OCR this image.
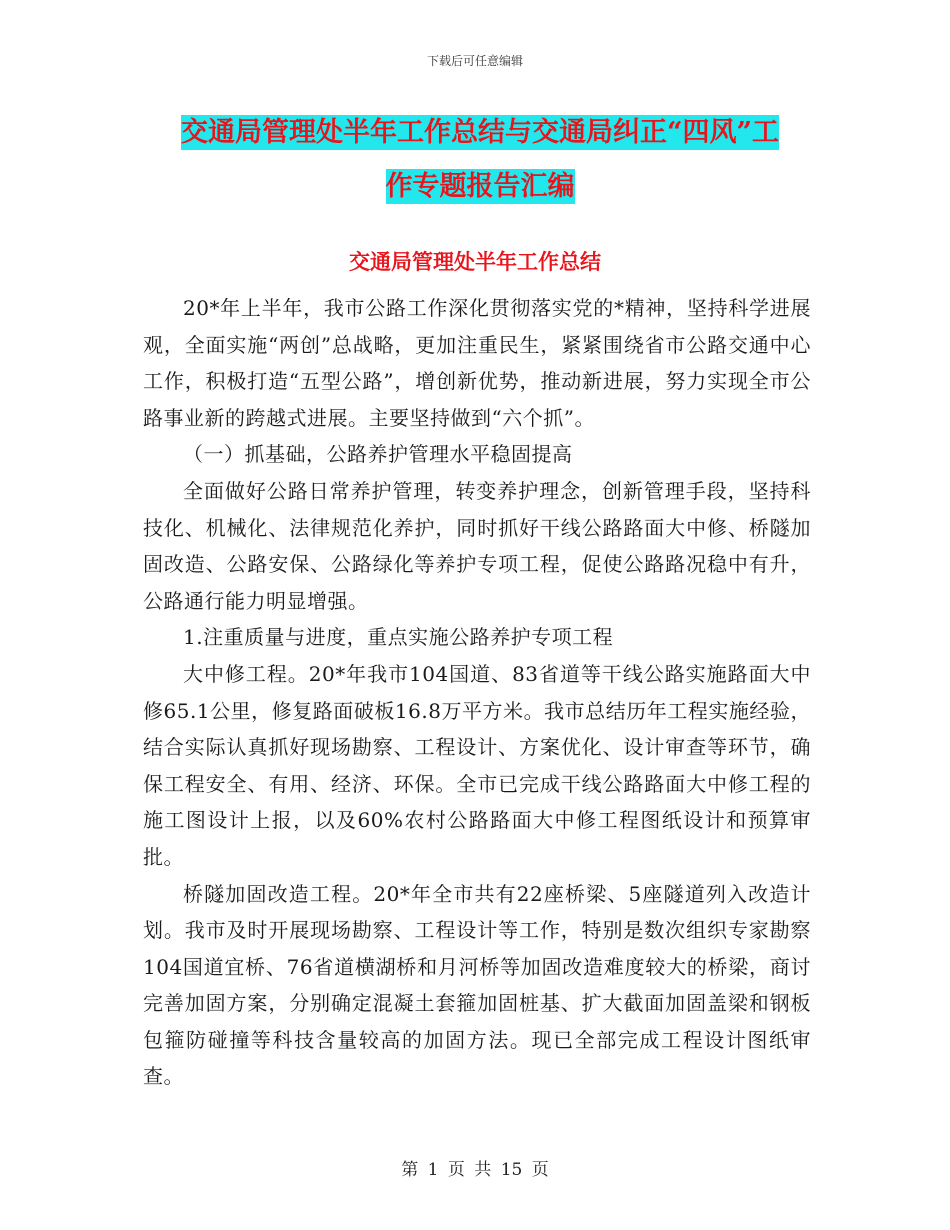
下载后可任意编辑
交通局管理处半年工作总结与交通局纠正“四风”工
作专题报告汇编
交通局管理处半年工作总结

20*年上半年，我市公路工作深化贯彻落实党的*精神，坚持科学进展观，全面实施“两创”总战略，更加注重民生，紧紧围绕省市公路交通中心工作，积极打造“五型公路”，增创新优势，推动新进展，努力实现全市公路事业新的跨越式进展。主要坚持做到“六个抓”。

（一）抓基础，公路养护管理水平稳固提高

全面做好公路日常养护管理，转变养护理念，创新管理手段，坚持科技化、机械化、法律规范化养护，同时抓好干线公路路面大中修、桥隧加固改造、公路安保、公路绿化等养护专项工程，促使公路路况稳中有升，公路通行能力明显增强。

1.注重质量与进度，重点实施公路养护专项工程

大中修工程。20*年我市104国道、83省道等干线公路实施路面大中修65.1公里，修复路面破板16.8万平方米。我市总结历年工程实施经验，结合实际认真抓好现场勘察、工程设计、方案优化、设计审查等环节，确保工程安全、有用、经济、环保。全市已完成干线公路路面大中修工程的施工图设计上报，以及60%农村公路路面大中修工程图纸设计和预算审批。

桥隧加固改造工程。20*年全市共有22座桥梁、5座隧道列入改造计划。我市及时开展现场勘察、工程设计等工作，特别是数次组织专家勘察104国道宜桥、76省道横湖桥和月河桥等加固改造难度较大的桥梁，商讨完善加固方案，分别确定混凝土套箍加固桩基、扩大截面加固盖梁和钢板包箍防碰撞等科技含量较高的加固方法。现已全部完成工程设计图纸审查。

第 1 页 共 15 页
